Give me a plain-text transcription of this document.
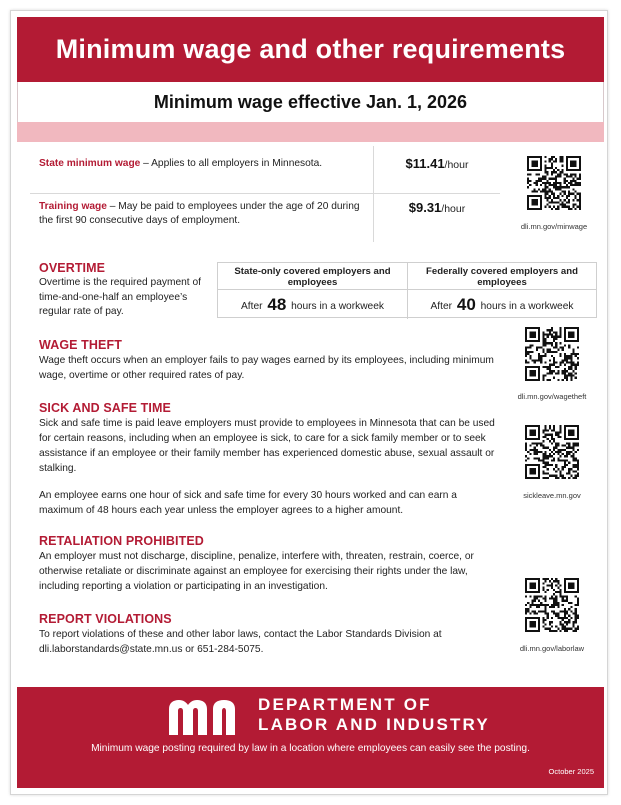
Minimum wage and other requirements
Minimum wage effective Jan. 1, 2026
State minimum wage – Applies to all employers in Minnesota.	$11.41/hour
Training wage – May be paid to employees under the age of 20 during the first 90 consecutive days of employment.
$9.31/hour
dli.mn.gov/minwage
OVERTIME
Overtime is the required payment of time-and-one-half an employee’s regular rate of pay.
State-only covered employers and employees
After 48 hours in a workweek
Federally covered employers and employees
After 40 hours in a workweek
WAGE THEFT
Wage theft occurs when an employer fails to pay wages earned by its employees, including minimum wage, overtime or other required rates of pay.
dli.mn.gov/wagetheft
SICK AND SAFE TIME
Sick and safe time is paid leave employers must provide to employees in Minnesota that can be used for certain reasons, including when an employee is sick, to care for a sick family member or to seek assistance if an employee or their family member has experienced domestic abuse, sexual assault or stalking.
An employee earns one hour of sick and safe time for every 30 hours worked and can earn a maximum of 48 hours each year unless the employer agrees to a higher amount.
sickleave.mn.gov
RETALIATION PROHIBITED
An employer must not discharge, discipline, penalize, interfere with, threaten, restrain, coerce, or otherwise retaliate or discriminate against an employee for exercising their rights under the law, including reporting a violation or participating in an investigation.
REPORT VIOLATIONS
To report violations of these and other labor laws, contact the Labor Standards Division at dli.laborstandards@state.mn.us or 651-284-5075.	dli.mn.gov/laborlaw
DEPARTMENT OF
LABOR AND INDUSTRY
Minimum wage posting required by law in a location where employees can easily see the posting.
October 2025
